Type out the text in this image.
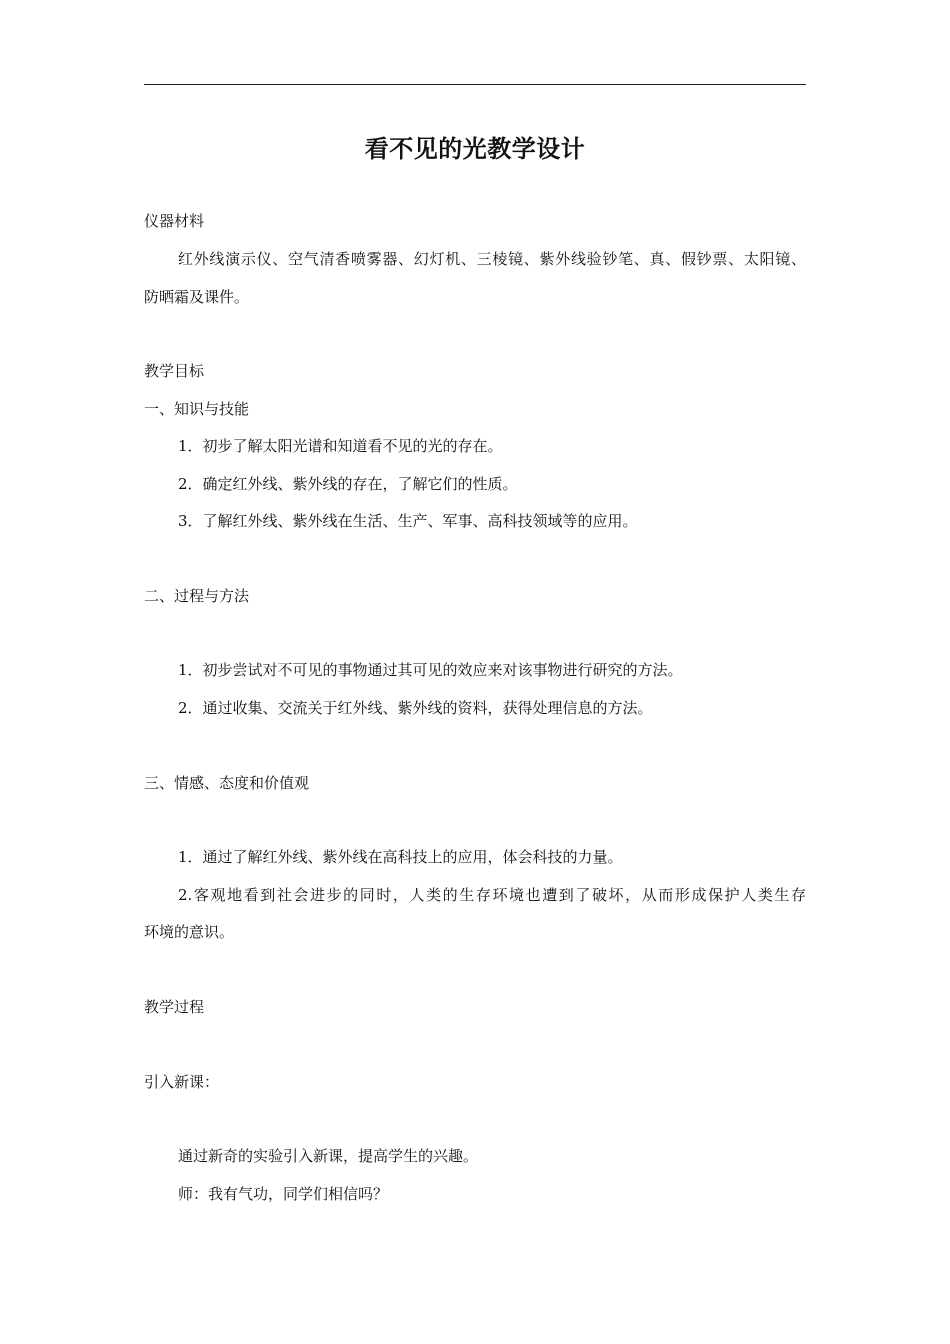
看不见的光教学设计
仪器材料
红外线演示仪、空气清香喷雾器、幻灯机、三棱镜、紫外线验钞笔、真、假钞票、太阳镜、
防晒霜及课件。
教学目标
一、知识与技能
1．初步了解太阳光谱和知道看不见的光的存在。
2．确定红外线、紫外线的存在，了解它们的性质。
3．了解红外线、紫外线在生活、生产、军事、高科技领域等的应用。
二、过程与方法
1．初步尝试对不可见的事物通过其可见的效应来对该事物进行研究的方法。
2．通过收集、交流关于红外线、紫外线的资料，获得处理信息的方法。
三、情感、态度和价值观
1．通过了解红外线、紫外线在高科技上的应用，体会科技的力量。
2.客观地看到社会进步的同时，人类的生存环境也遭到了破坏，从而形成保护人类生存
环境的意识。
教学过程
引入新课：
通过新奇的实验引入新课，提高学生的兴趣。
师：我有气功，同学们相信吗？
